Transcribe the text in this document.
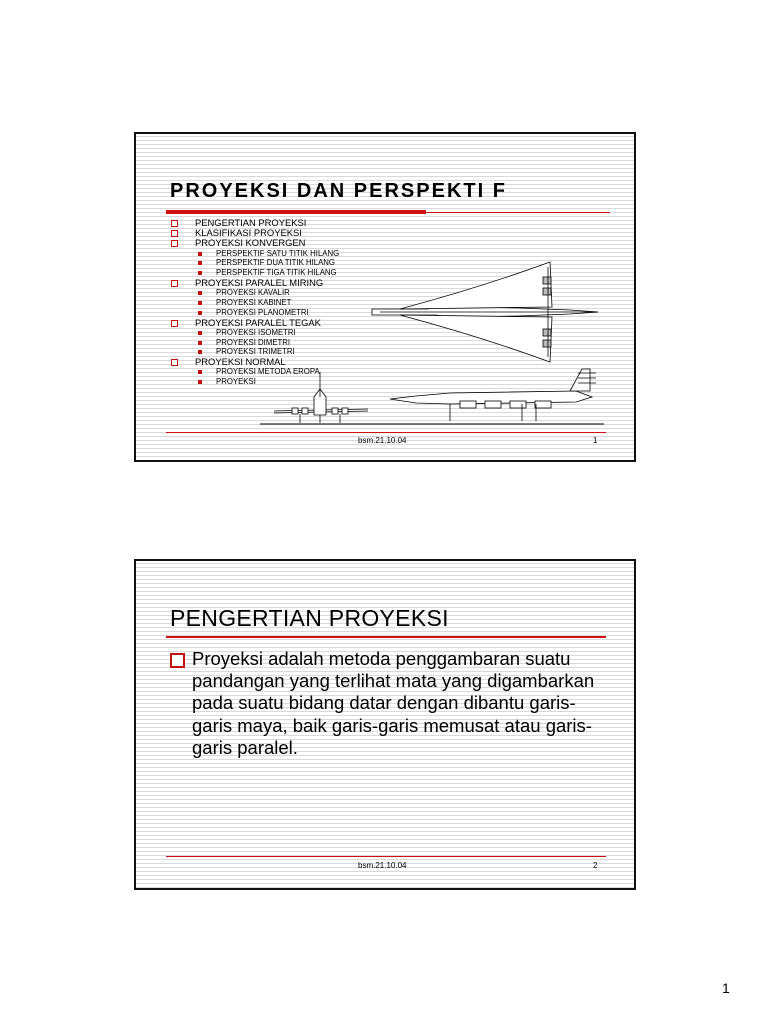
PROYEKSI DAN PERSPEKTI F
PENGERTIAN PROYEKSI
KLASIFIKASI PROYEKSI
PROYEKSI KONVERGEN
PERSPEKTIF SATU TITIK HILANG
PERSPEKTIF DUA TITIK HILANG
PERSPEKTIF TIGA TITIK HILANG
PROYEKSI PARALEL MIRING
PROYEKSI KAVALIR
PROYEKSI KABINET
PROYEKSI PLANOMETRI
PROYEKSI PARALEL TEGAK
PROYEKSI ISOMETRI
PROYEKSI DIMETRI
PROYEKSI TRIMETRI
PROYEKSI NORMAL
PROYEKSI METODA EROPA
PROYEKSI
bsm.21.10.04	1
PENGERTIAN PROYEKSI
Proyeksi adalah metoda penggambaran suatu pandangan yang terlihat mata yang digambarkan pada suatu bidang datar dengan dibantu garis-garis maya, baik garis-garis memusat atau garis-garis paralel.
bsm.21.10.04	2
1
